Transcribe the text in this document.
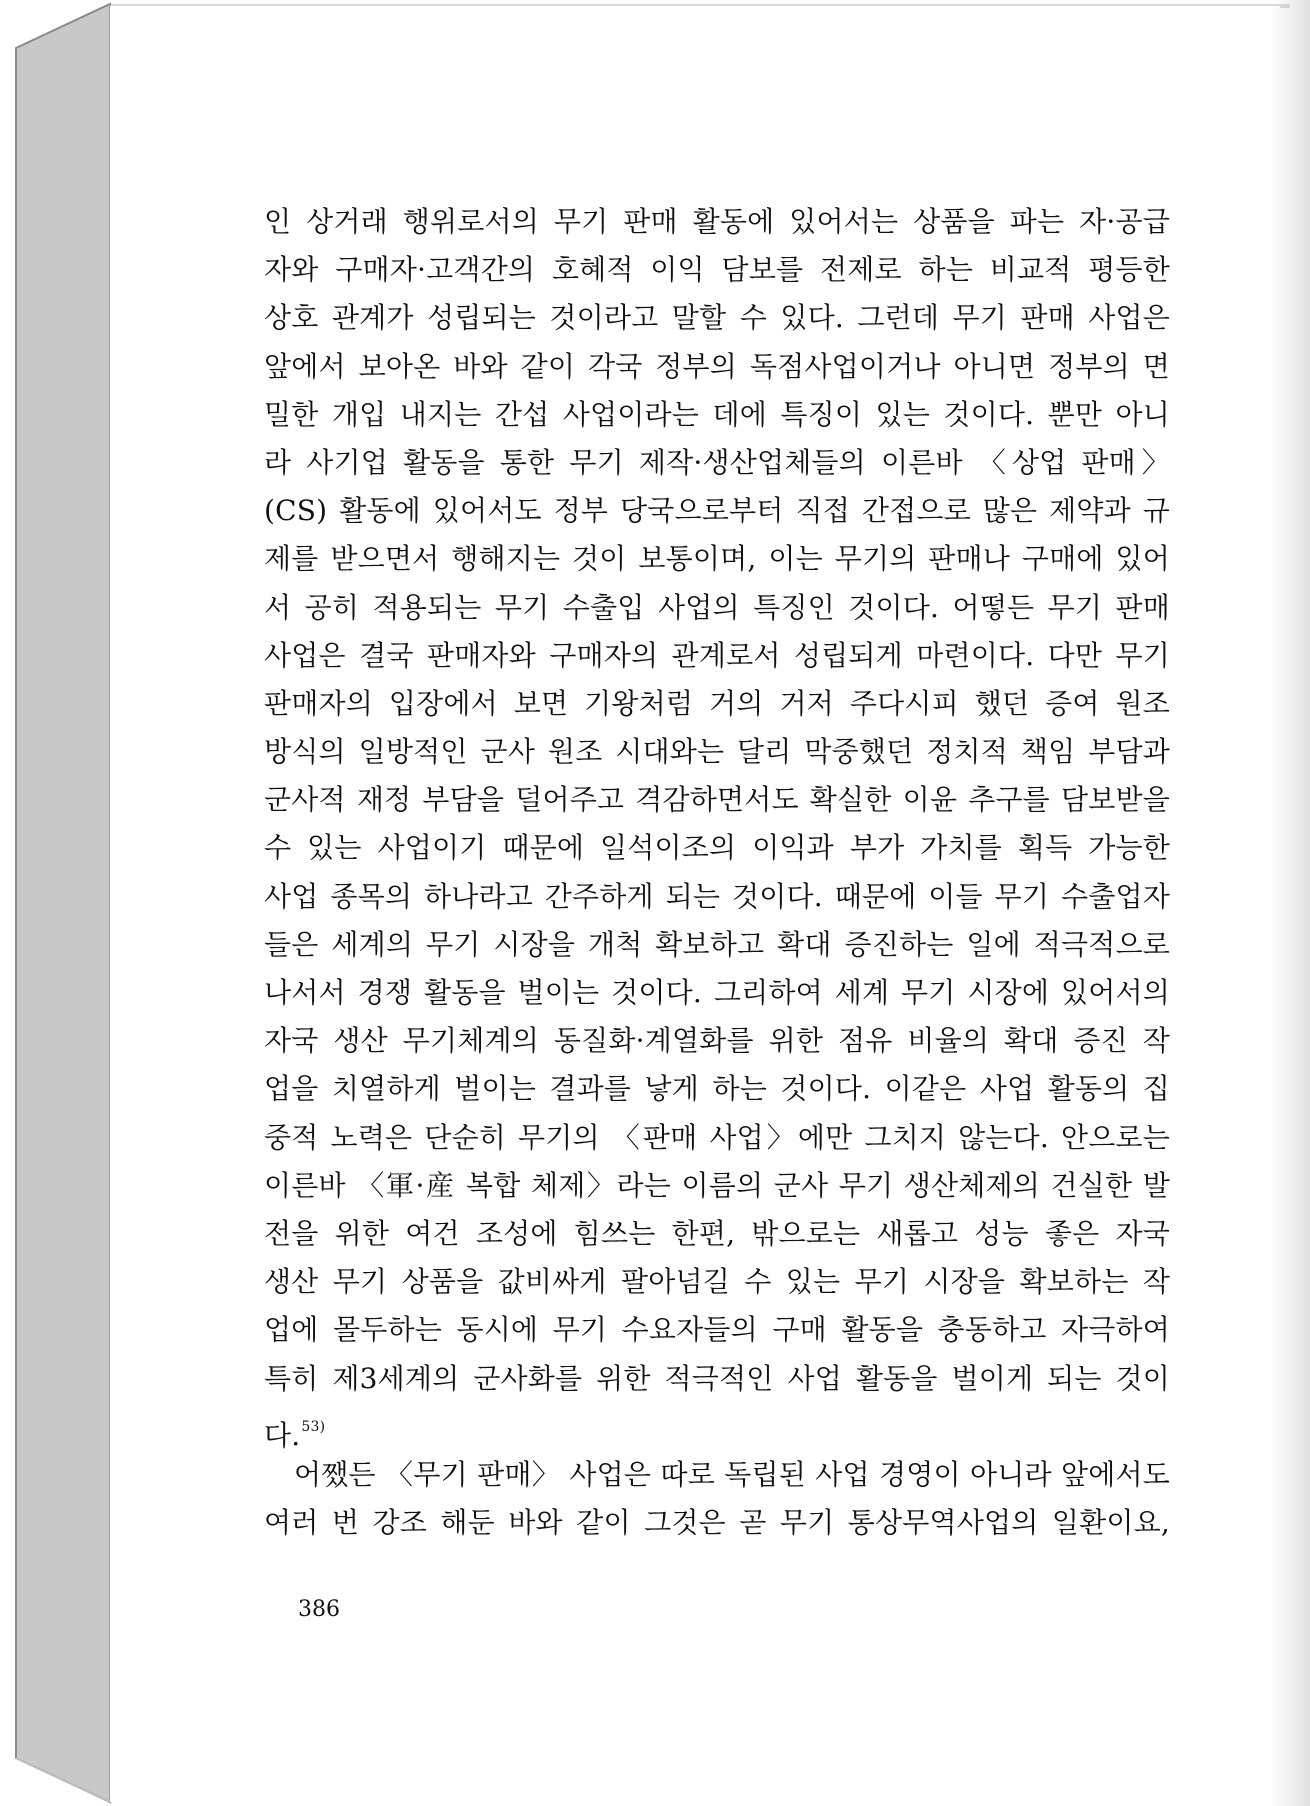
인 상거래 행위로서의 무기 판매 활동에 있어서는 상품을 파는 자·공급
자와 구매자·고객간의 호혜적 이익 담보를 전제로 하는 비교적 평등한
상호 관계가 성립되는 것이라고 말할 수 있다. 그런데 무기 판매 사업은
앞에서 보아온 바와 같이 각국 정부의 독점사업이거나 아니면 정부의 면
밀한 개입 내지는 간섭 사업이라는 데에 특징이 있는 것이다. 뿐만 아니
라 사기업 활동을 통한 무기 제작·생산업체들의 이른바 〈상업 판매〉
(CS) 활동에 있어서도 정부 당국으로부터 직접 간접으로 많은 제약과 규
제를 받으면서 행해지는 것이 보통이며, 이는 무기의 판매나 구매에 있어
서 공히 적용되는 무기 수출입 사업의 특징인 것이다. 어떻든 무기 판매
사업은 결국 판매자와 구매자의 관계로서 성립되게 마련이다. 다만 무기
판매자의 입장에서 보면 기왕처럼 거의 거저 주다시피 했던 증여 원조
방식의 일방적인 군사 원조 시대와는 달리 막중했던 정치적 책임 부담과
군사적 재정 부담을 덜어주고 격감하면서도 확실한 이윤 추구를 담보받을
수 있는 사업이기 때문에 일석이조의 이익과 부가 가치를 획득 가능한
사업 종목의 하나라고 간주하게 되는 것이다. 때문에 이들 무기 수출업자
들은 세계의 무기 시장을 개척 확보하고 확대 증진하는 일에 적극적으로
나서서 경쟁 활동을 벌이는 것이다. 그리하여 세계 무기 시장에 있어서의
자국 생산 무기체계의 동질화·계열화를 위한 점유 비율의 확대 증진 작
업을 치열하게 벌이는 결과를 낳게 하는 것이다. 이같은 사업 활동의 집
중적 노력은 단순히 무기의 〈판매 사업〉에만 그치지 않는다. 안으로는
이른바 〈軍·産 복합 체제〉라는 이름의 군사 무기 생산체제의 건실한 발
전을 위한 여건 조성에 힘쓰는 한편, 밖으로는 새롭고 성능 좋은 자국
생산 무기 상품을 값비싸게 팔아넘길 수 있는 무기 시장을 확보하는 작
업에 몰두하는 동시에 무기 수요자들의 구매 활동을 충동하고 자극하여
특히 제3세계의 군사화를 위한 적극적인 사업 활동을 벌이게 되는 것이
다.$^{53)}$
어쨌든 〈무기 판매〉 사업은 따로 독립된 사업 경영이 아니라 앞에서도
여러 번 강조 해둔 바와 같이 그것은 곧 무기 통상무역사업의 일환이요,
386
